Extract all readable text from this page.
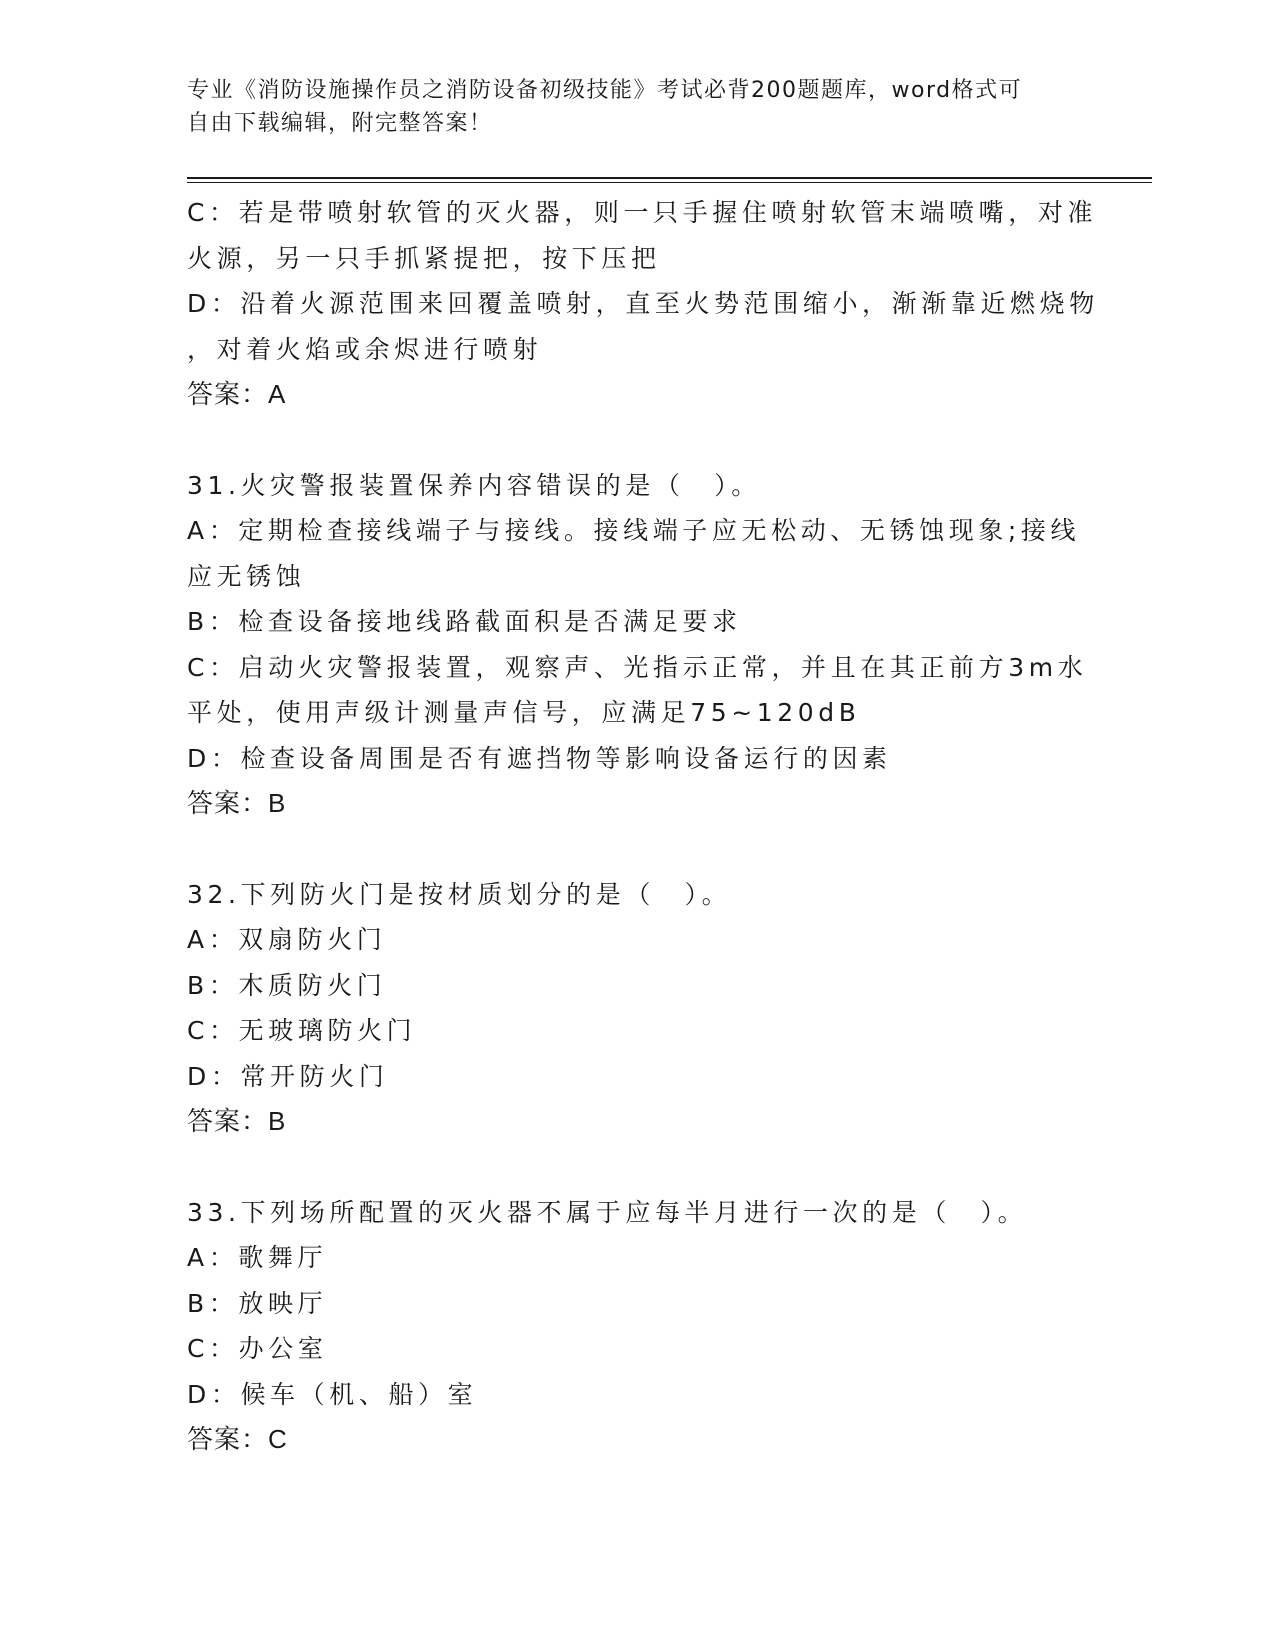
专业《消防设施操作员之消防设备初级技能》考试必背200题题库，word格式可
自由下载编辑，附完整答案！
C：若是带喷射软管的灭火器，则一只手握住喷射软管末端喷嘴，对准
火源，另一只手抓紧提把，按下压把
D：沿着火源范围来回覆盖喷射，直至火势范围缩小，渐渐靠近燃烧物
，对着火焰或余烬进行喷射
答案：A
31.火灾警报装置保养内容错误的是（　）。
A：定期检查接线端子与接线。接线端子应无松动、无锈蚀现象;接线
应无锈蚀
B：检查设备接地线路截面积是否满足要求
C：启动火灾警报装置，观察声、光指示正常，并且在其正前方3m水
平处，使用声级计测量声信号，应满足75~120dB
D：检查设备周围是否有遮挡物等影响设备运行的因素
答案：B
32.下列防火门是按材质划分的是（　）。
A：双扇防火门
B：木质防火门
C：无玻璃防火门
D：常开防火门
答案：B
33.下列场所配置的灭火器不属于应每半月进行一次的是（　）。
A：歌舞厅
B：放映厅
C：办公室
D：候车（机、船）室
答案：C
